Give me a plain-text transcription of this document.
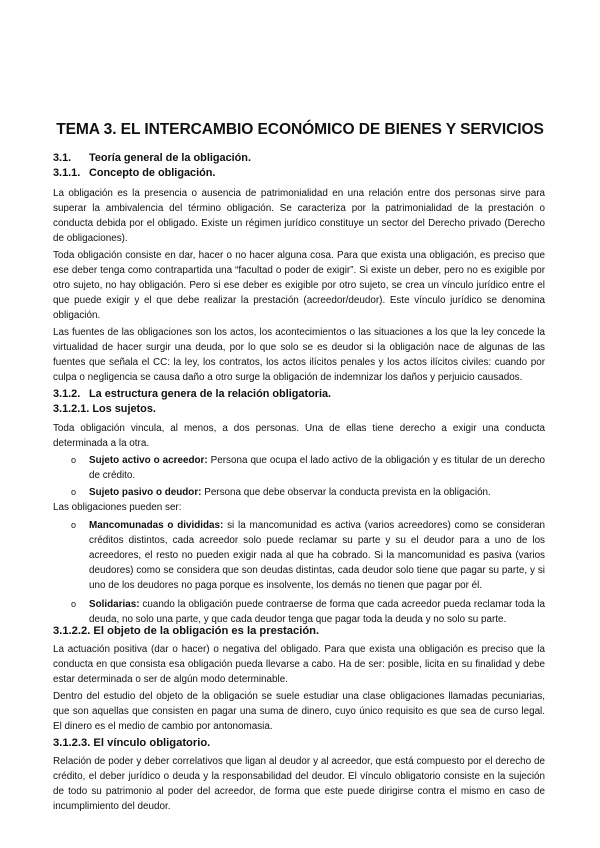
TEMA 3. EL INTERCAMBIO ECONÓMICO DE BIENES Y SERVICIOS
3.1. Teoría general de la obligación.
3.1.1. Concepto de obligación.

La obligación es la presencia o ausencia de patrimonialidad en una relación entre dos personas sirve para superar la ambivalencia del término obligación. Se caracteriza por la patrimonialidad de la prestación o conducta debida por el obligado. Existe un régimen jurídico constituye un sector del Derecho privado (Derecho de obligaciones).

Toda obligación consiste en dar, hacer o no hacer alguna cosa. Para que exista una obligación, es preciso que ese deber tenga como contrapartida una “facultad o poder de exigir”. Si existe un deber, pero no es exigible por otro sujeto, no hay obligación. Pero si ese deber es exigible por otro sujeto, se crea un vínculo jurídico entre el que puede exigir y el que debe realizar la prestación (acreedor/deudor). Este vínculo jurídico se denomina obligación.

Las fuentes de las obligaciones son los actos, los acontecimientos o las situaciones a los que la ley concede la virtualidad de hacer surgir una deuda, por lo que solo se es deudor si la obligación nace de algunas de las fuentes que señala el CC: la ley, los contratos, los actos ilícitos penales y los actos ilícitos civiles: cuando por culpa o negligencia se causa daño a otro surge la obligación de indemnizar los daños y perjuicio causados.

3.1.2. La estructura genera de la relación obligatoria.
3.1.2.1. Los sujetos.

Toda obligación vincula, al menos, a dos personas. Una de ellas tiene derecho a exigir una conducta determinada a la otra.

o Sujeto activo o acreedor: Persona que ocupa el lado activo de la obligación y es titular de un derecho de crédito.
o Sujeto pasivo o deudor: Persona que debe observar la conducta prevista en la obligación.

Las obligaciones pueden ser:

o Mancomunadas o divididas: si la mancomunidad es activa (varios acreedores) como se consideran créditos distintos, cada acreedor solo puede reclamar su parte y su el deudor para a uno de los acreedores, el resto no pueden exigir nada al que ha cobrado. Si la mancomunidad es pasiva (varios deudores) como se considera que son deudas distintas, cada deudor solo tiene que pagar su parte, y si uno de los deudores no paga porque es insolvente, los demás no tienen que pagar por él.
o Solidarias: cuando la obligación puede contraerse de forma que cada acreedor pueda reclamar toda la deuda, no solo una parte, y que cada deudor tenga que pagar toda la deuda y no solo su parte.
3.1.2.2. El objeto de la obligación es la prestación.

La actuación positiva (dar o hacer) o negativa del obligado. Para que exista una obligación es preciso que la conducta en que consista esa obligación pueda llevarse a cabo. Ha de ser: posible, licita en su finalidad y debe estar determinada o ser de algún modo determinable.

Dentro del estudio del objeto de la obligación se suele estudiar una clase obligaciones llamadas pecuniarias, que son aquellas que consisten en pagar una suma de dinero, cuyo único requisito es que sea de curso legal. El dinero es el medio de cambio por antonomasia.

3.1.2.3. El vínculo obligatorio.

Relación de poder y deber correlativos que ligan al deudor y al acreedor, que está compuesto por el derecho de crédito, el deber jurídico o deuda y la responsabilidad del deudor. El vínculo obligatorio consiste en la sujeción de todo su patrimonio al poder del acreedor, de forma que este puede dirigirse contra el mismo en caso de incumplimiento del deudor.
